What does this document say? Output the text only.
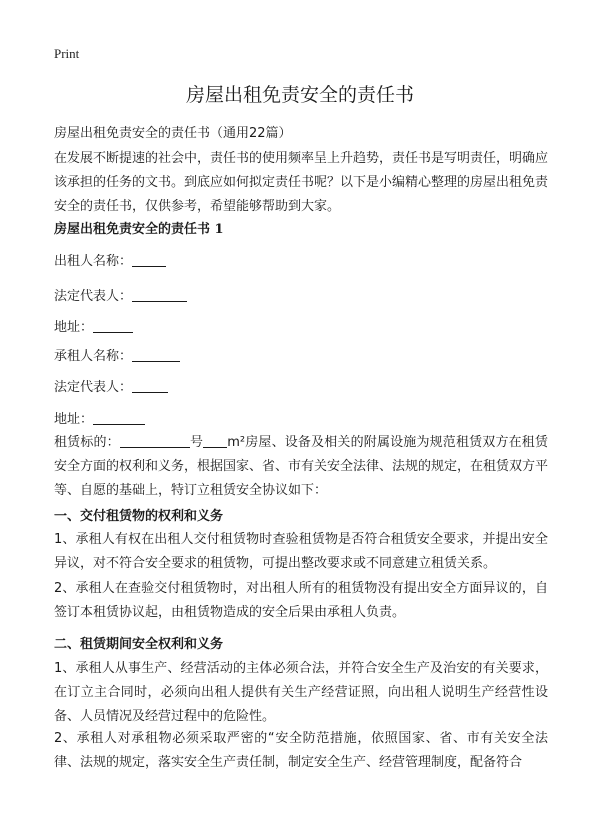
Print
房屋出租免责安全的责任书
房屋出租免责安全的责任书（通用22篇）
在发展不断提速的社会中，责任书的使用频率呈上升趋势，责任书是写明责任，明确应该承担的任务的文书。到底应如何拟定责任书呢？以下是小编精心整理的房屋出租免责安全的责任书，仅供参考，希望能够帮助到大家。
房屋出租免责安全的责任书 1
出租人名称：
法定代表人：
地址：
承租人名称：
法定代表人：
地址：
租赁标的：	号 m²房屋、设备及相关的附属设施为规范租赁双方在租赁安全方面的权利和义务，根据国家、省、市有关安全法律、法规的规定，在租赁双方平等、自愿的基础上，特订立租赁安全协议如下：
一、交付租赁物的权利和义务
1、承租人有权在出租人交付租赁物时查验租赁物是否符合租赁安全要求，并提出安全异议，对不符合安全要求的租赁物，可提出整改要求或不同意建立租赁关系。
2、承租人在查验交付租赁物时，对出租人所有的租赁物没有提出安全方面异议的，自签订本租赁协议起，由租赁物造成的安全后果由承租人负责。
二、租赁期间安全权利和义务
1、承租人从事生产、经营活动的主体必须合法，并符合安全生产及治安的有关要求，在订立主合同时，必须向出租人提供有关生产经营证照，向出租人说明生产经营性设备、人员情况及经营过程中的危险性。
2、承租人对承租物必须采取严密的“安全防范措施，依照国家、省、市有关安全法律、法规的规定，落实安全生产责任制，制定安全生产、经营管理制度，配备符合
